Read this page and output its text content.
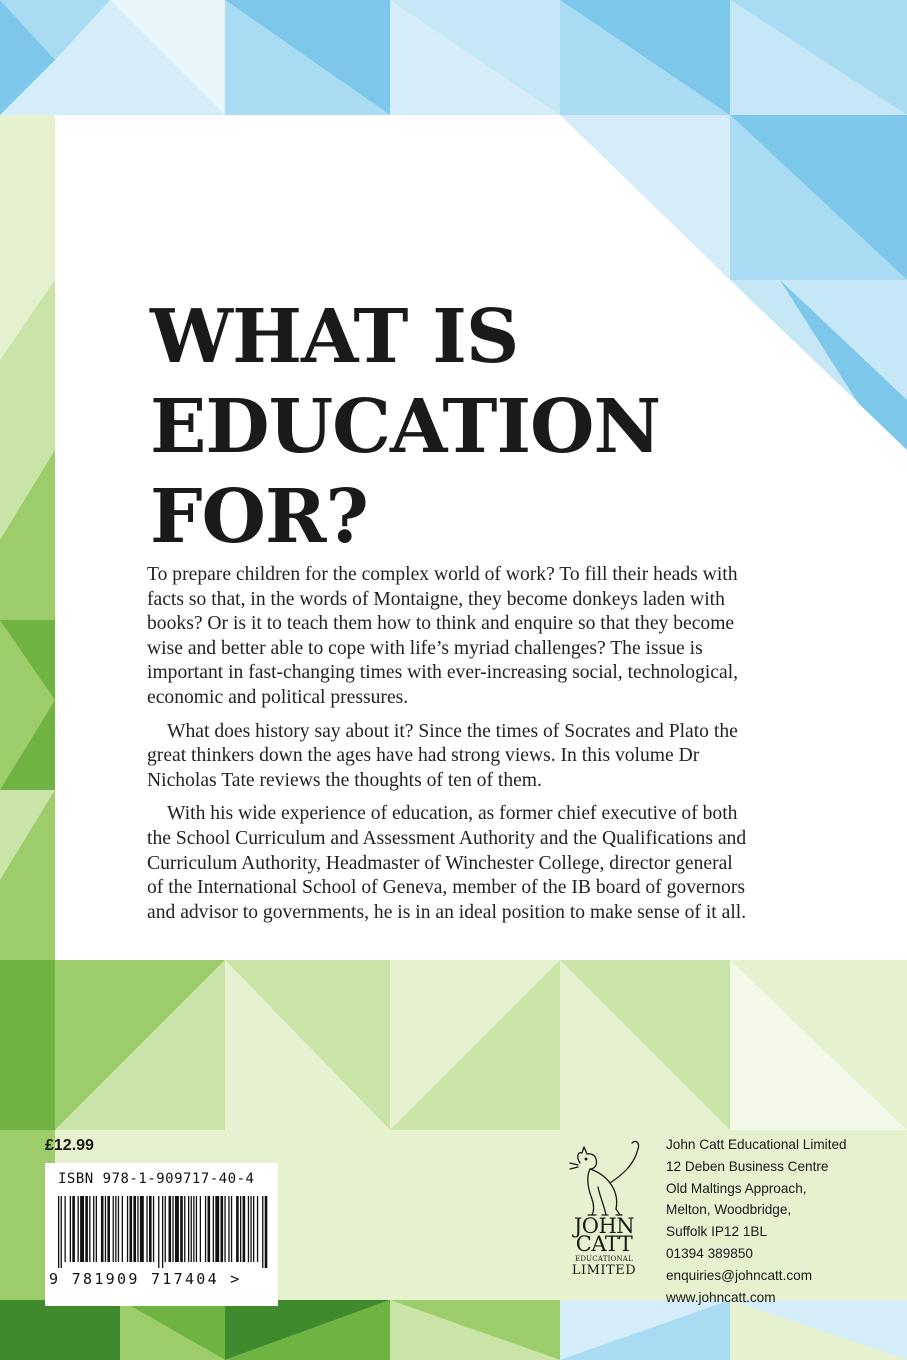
WHAT IS
EDUCATION
FOR?

To prepare children for the complex world of work? To fill their heads with facts so that, in the words of Montaigne, they become donkeys laden with books? Or is it to teach them how to think and enquire so that they become wise and better able to cope with life’s myriad challenges? The issue is important in fast-changing times with ever-increasing social, technological, economic and political pressures.

What does history say about it? Since the times of Socrates and Plato the great thinkers down the ages have had strong views. In this volume Dr Nicholas Tate reviews the thoughts of ten of them.

With his wide experience of education, as former chief executive of both the School Curriculum and Assessment Authority and the Qualifications and Curriculum Authority, Headmaster of Winchester College, director general of the International School of Geneva, member of the IB board of governors and advisor to governments, he is in an ideal position to make sense of it all.

£12.99
ISBN 978-1-909717-40-4
9 781909 717404 >
JOHN
CATT
EDUCATIONAL
LIMITED
John Catt Educational Limited
12 Deben Business Centre
Old Maltings Approach,
Melton, Woodbridge,
Suffolk IP12 1BL
01394 389850
enquiries@johncatt.com
www.johncatt.com
